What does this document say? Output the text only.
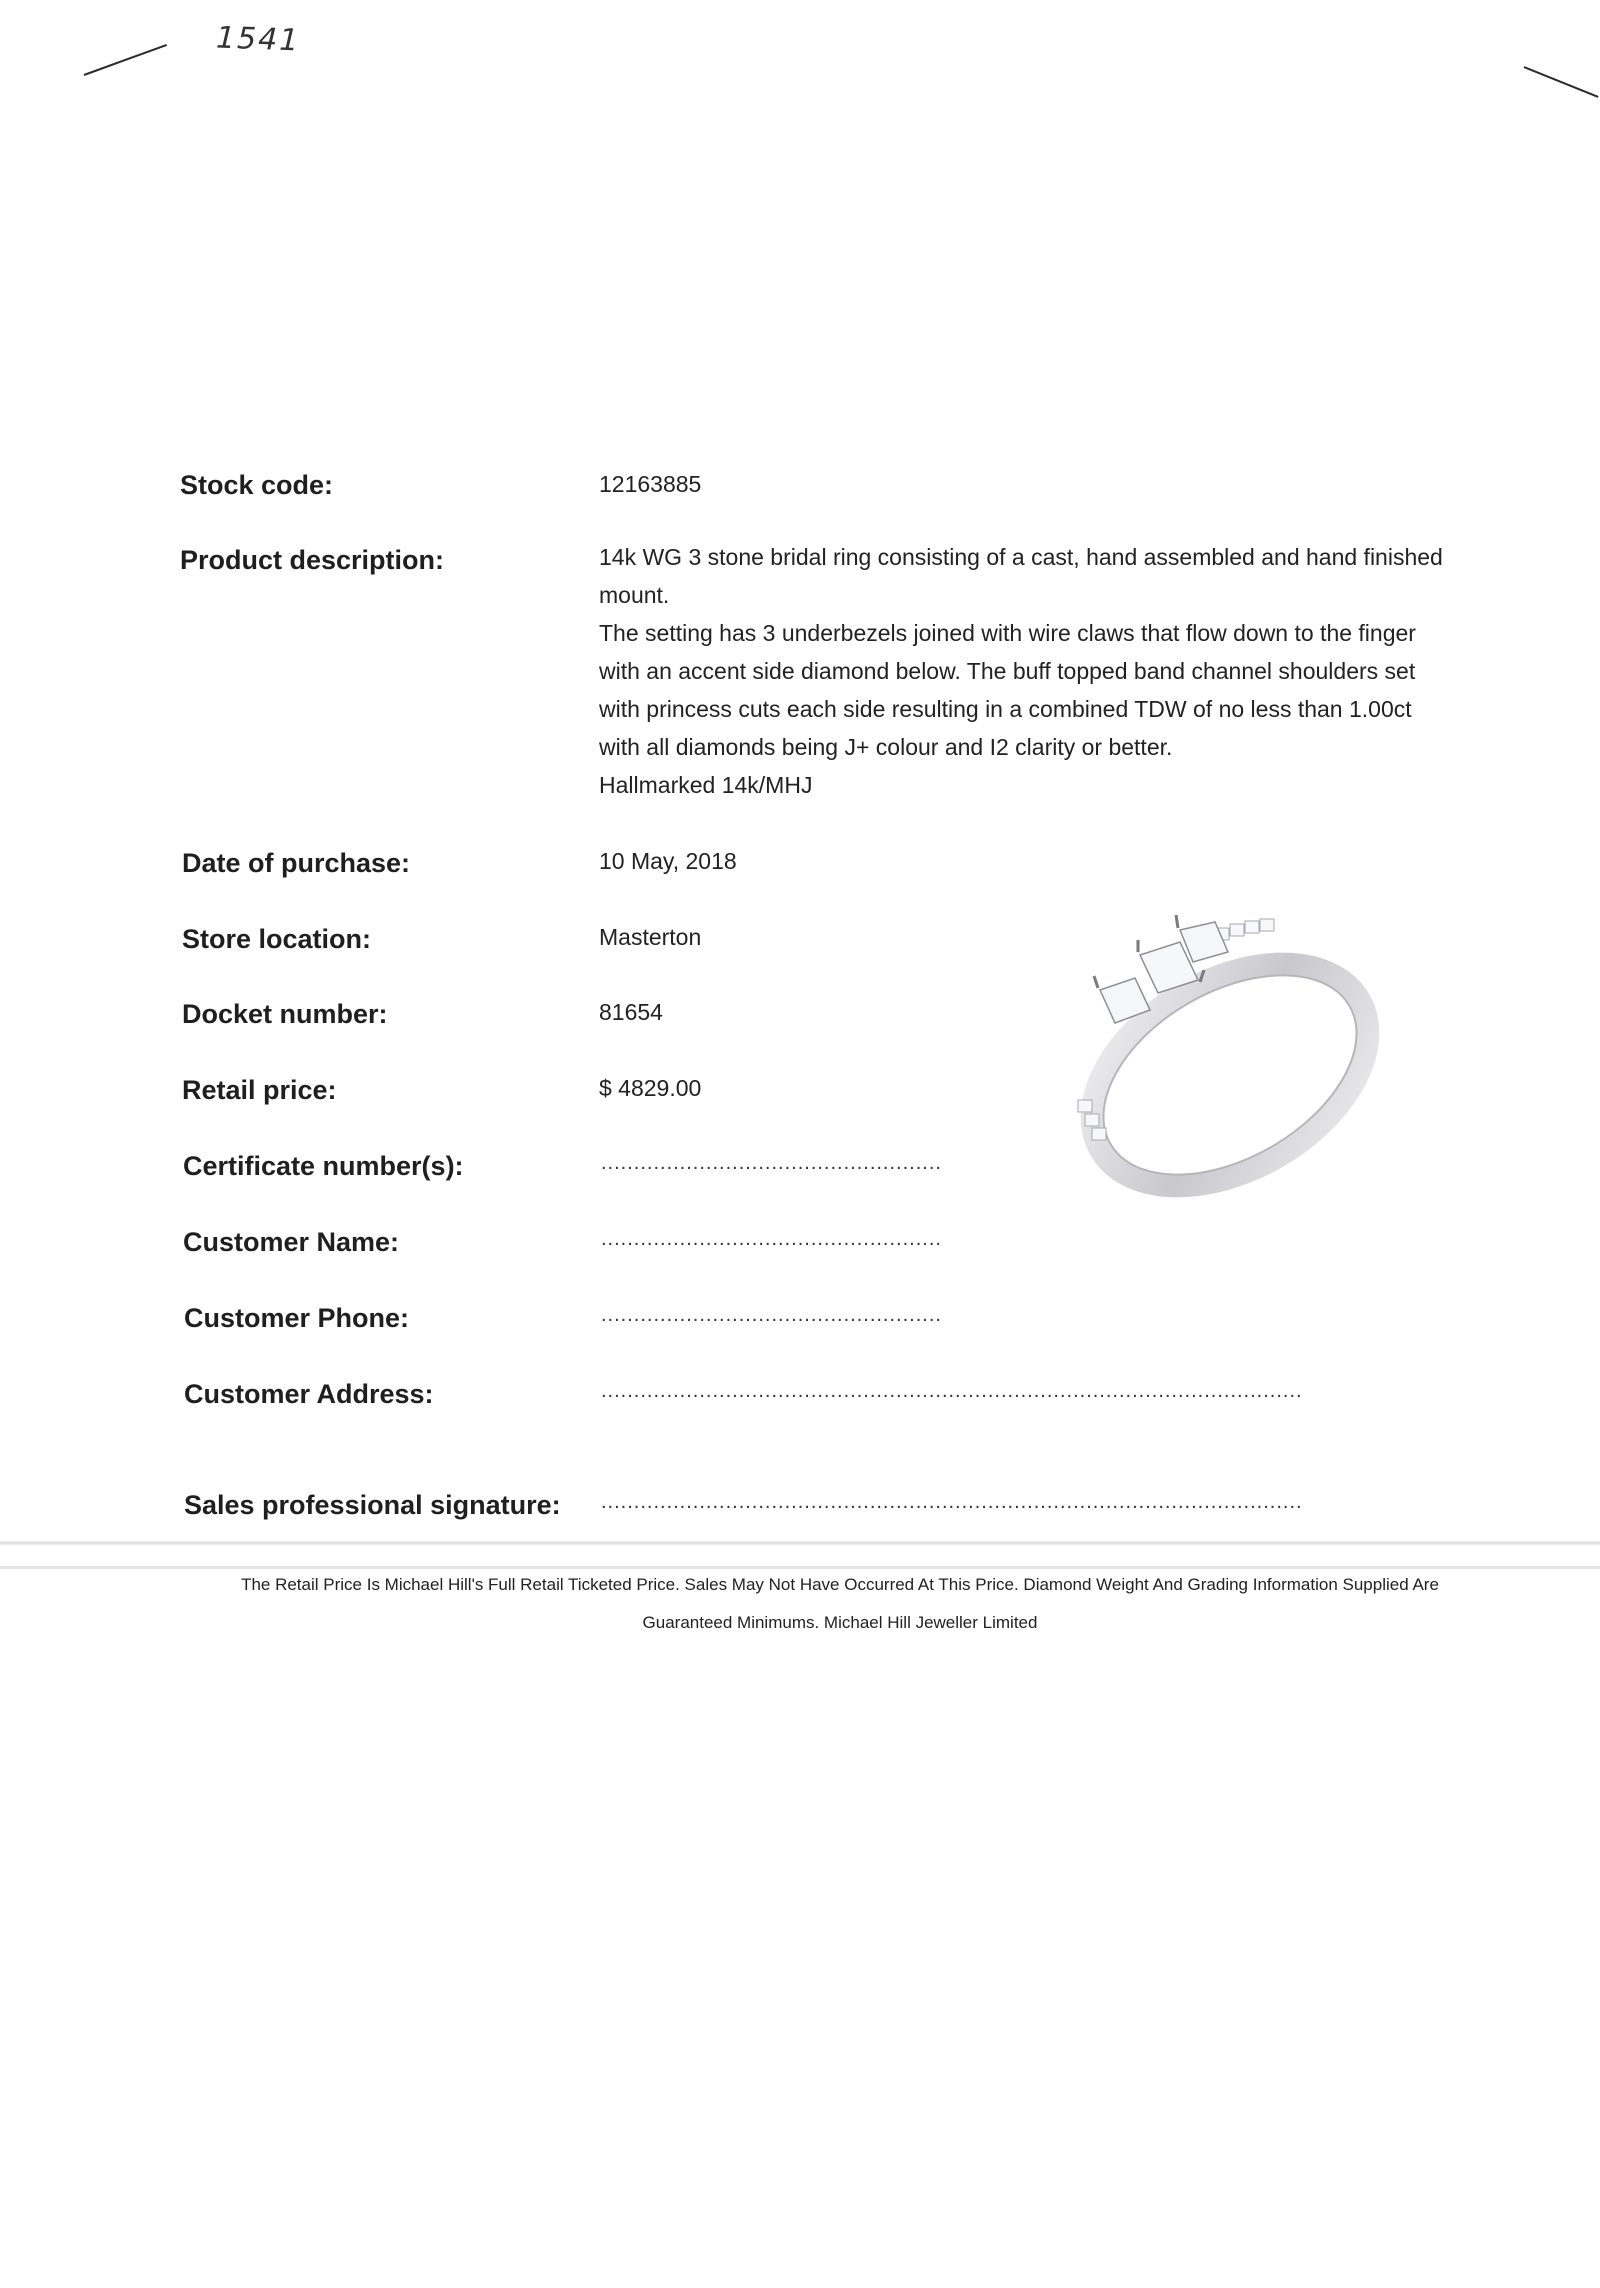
1541
Stock code:	12163885
Product description:	14k WG 3 stone bridal ring consisting of a cast, hand assembled and hand finished
mount.
The setting has 3 underbezels joined with wire claws that flow down to the finger
with an accent side diamond below. The buff topped band channel shoulders set
with princess cuts each side resulting in a combined TDW of no less than 1.00ct
with all diamonds being J+ colour and I2 clarity or better.
Hallmarked 14k/MHJ
Date of purchase:	10 May, 2018
Store location:	Masterton
Docket number:	81654
Retail price:	$ 4829.00
Certificate number(s):	....................................................
Customer Name:	....................................................
Customer Phone:	....................................................
Customer Address:	...........................................................................................................
Sales professional signature: ...........................................................................................................
The Retail Price Is Michael Hill's Full Retail Ticketed Price. Sales May Not Have Occurred At This Price. Diamond Weight And Grading Information Supplied Are
Guaranteed Minimums. Michael Hill Jeweller Limited
